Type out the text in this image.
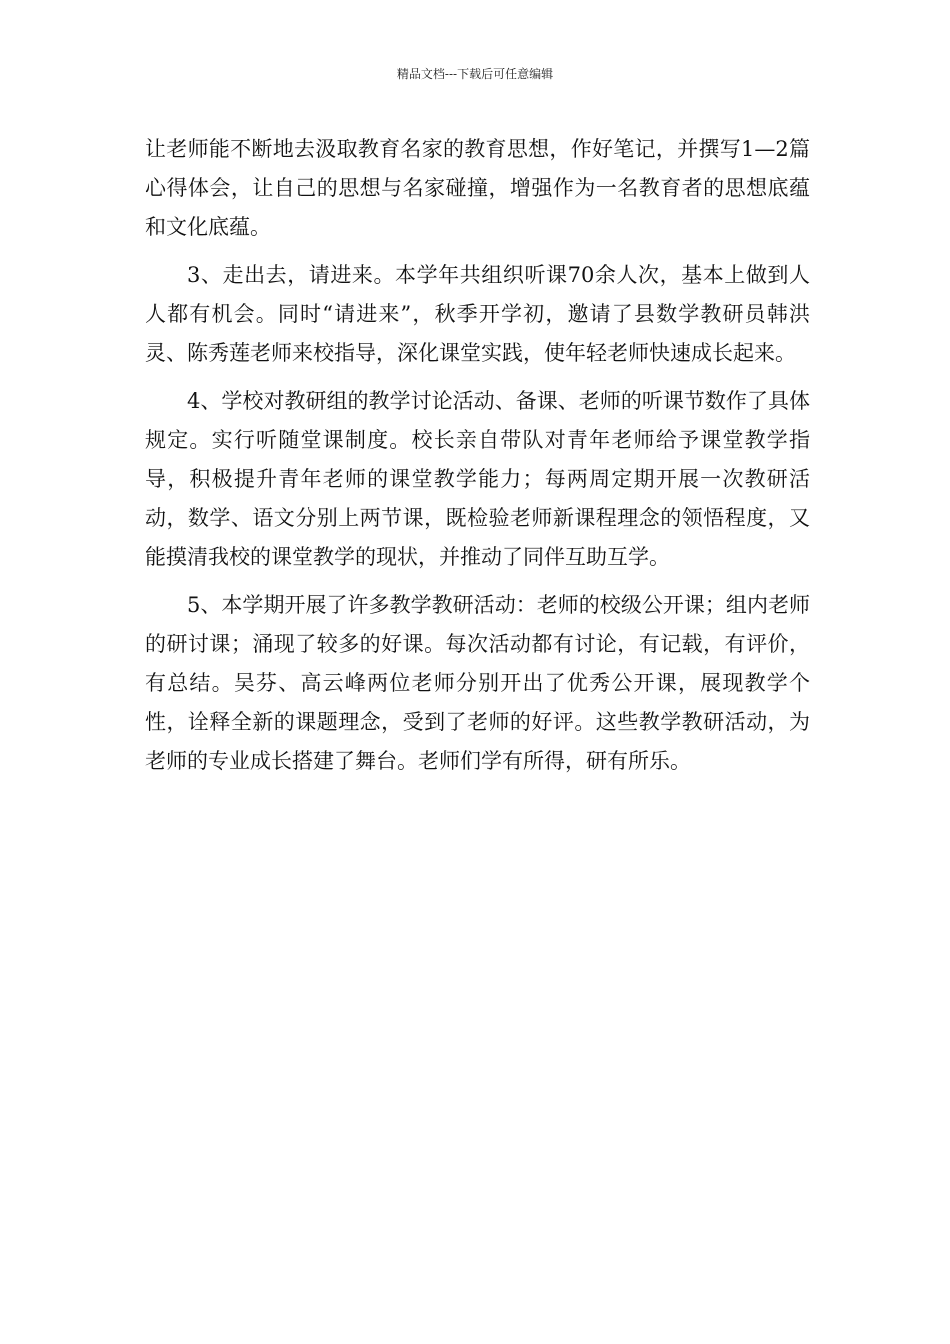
精品文档---下载后可任意编辑

让老师能不断地去汲取教育名家的教育思想，作好笔记，并撰写1—2篇心得体会，让自己的思想与名家碰撞，增强作为一名教育者的思想底蕴和文化底蕴。

3、走出去，请进来。本学年共组织听课70余人次，基本上做到人人都有机会。同时“请进来”，秋季开学初，邀请了县数学教研员韩洪灵、陈秀莲老师来校指导，深化课堂实践，使年轻老师快速成长起来。

4、学校对教研组的教学讨论活动、备课、老师的听课节数作了具体规定。实行听随堂课制度。校长亲自带队对青年老师给予课堂教学指导，积极提升青年老师的课堂教学能力；每两周定期开展一次教研活动，数学、语文分别上两节课，既检验老师新课程理念的领悟程度，又能摸清我校的课堂教学的现状，并推动了同伴互助互学。

5、本学期开展了许多教学教研活动：老师的校级公开课；组内老师的研讨课；涌现了较多的好课。每次活动都有讨论，有记载，有评价，有总结。吴芬、高云峰两位老师分别开出了优秀公开课，展现教学个性，诠释全新的课题理念，受到了老师的好评。这些教学教研活动，为老师的专业成长搭建了舞台。老师们学有所得，研有所乐。
